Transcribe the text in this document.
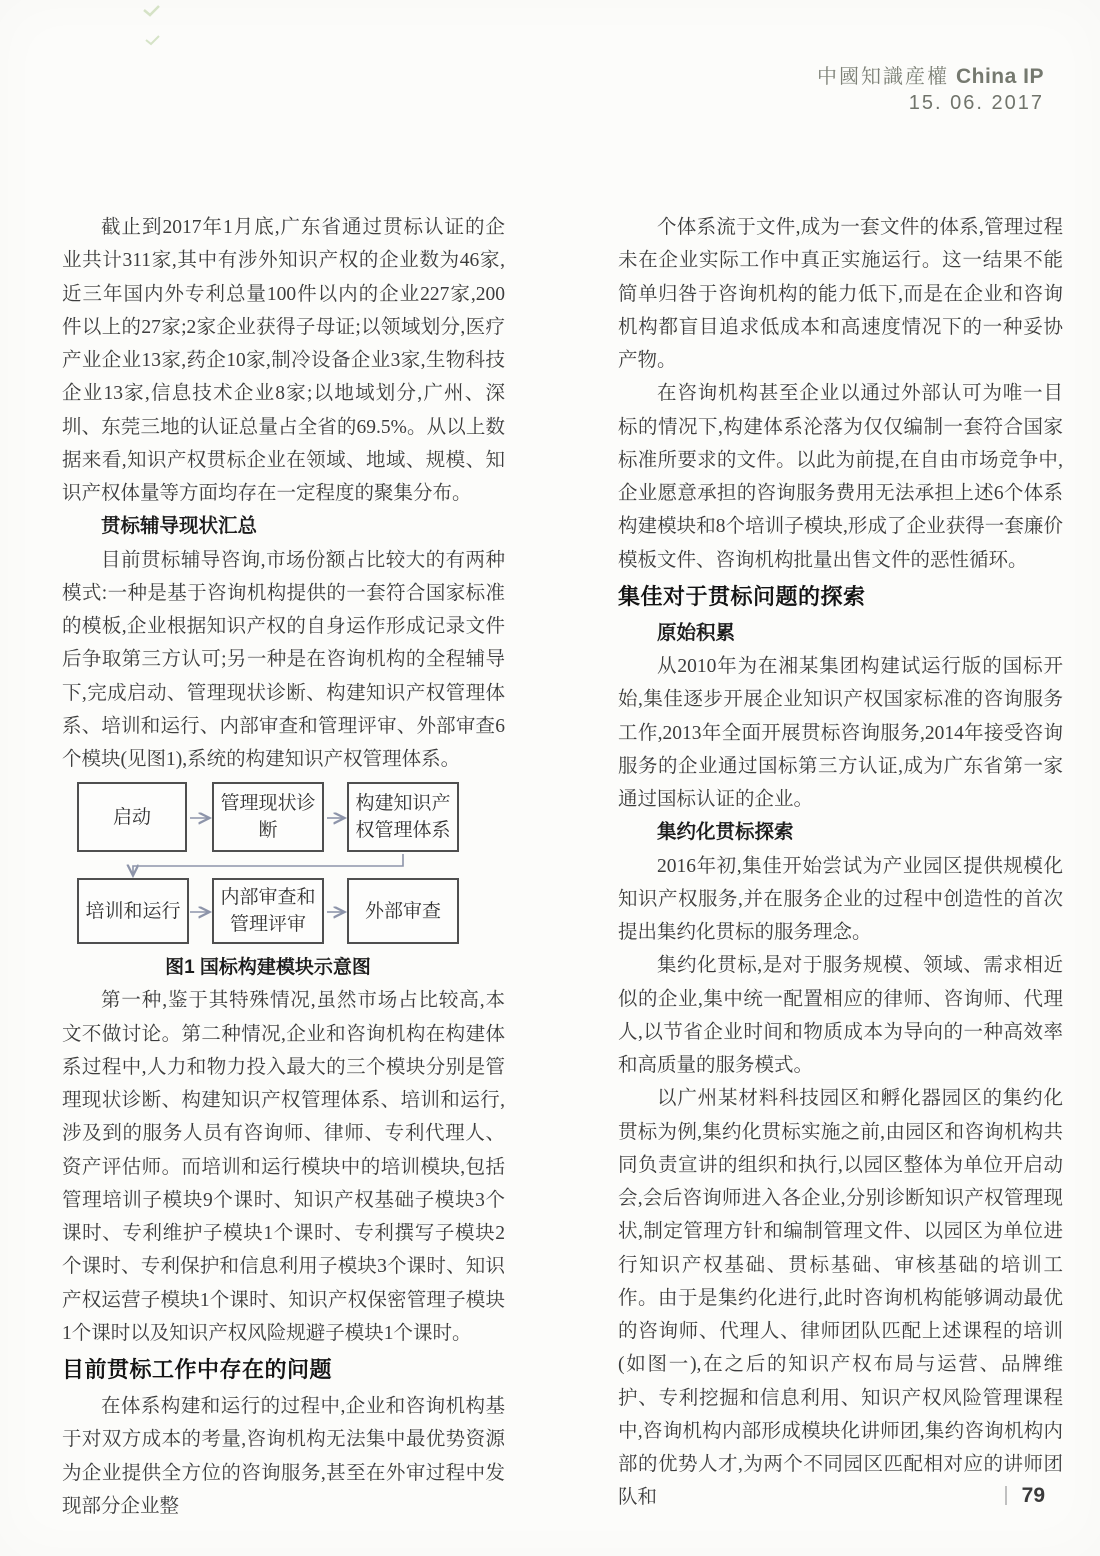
中國知識産權 China IP
15. 06. 2017

截止到2017年1月底,广东省通过贯标认证的企业共计311家,其中有涉外知识产权的企业数为46家,近三年国内外专利总量100件以内的企业227家,200件以上的27家;2家企业获得子母证;以领域划分,医疗产业企业13家,药企10家,制冷设备企业3家,生物科技企业13家,信息技术企业8家;以地域划分,广州、深圳、东莞三地的认证总量占全省的69.5%。从以上数据来看,知识产权贯标企业在领域、地域、规模、知识产权体量等方面均存在一定程度的聚集分布。

贯标辅导现状汇总

目前贯标辅导咨询,市场份额占比较大的有两种模式:一种是基于咨询机构提供的一套符合国家标准的模板,企业根据知识产权的自身运作形成记录文件后争取第三方认可;另一种是在咨询机构的全程辅导下,完成启动、管理现状诊断、构建知识产权管理体系、培训和运行、内部审查和管理评审、外部审查6个模块(见图1),系统的构建知识产权管理体系。

启动
管理现状诊断
构建知识产权管理体系
培训和运行
内部审查和管理评审
外部审查
图1 国标构建模块示意图

第一种,鉴于其特殊情况,虽然市场占比较高,本文不做讨论。第二种情况,企业和咨询机构在构建体系过程中,人力和物力投入最大的三个模块分别是管理现状诊断、构建知识产权管理体系、培训和运行,涉及到的服务人员有咨询师、律师、专利代理人、资产评估师。而培训和运行模块中的培训模块,包括管理培训子模块9个课时、知识产权基础子模块3个课时、专利维护子模块1个课时、专利撰写子模块2个课时、专利保护和信息利用子模块3个课时、知识产权运营子模块1个课时、知识产权保密管理子模块1个课时以及知识产权风险规避子模块1个课时。

目前贯标工作中存在的问题

在体系构建和运行的过程中,企业和咨询机构基于对双方成本的考量,咨询机构无法集中最优势资源为企业提供全方位的咨询服务,甚至在外审过程中发现部分企业整

个体系流于文件,成为一套文件的体系,管理过程未在企业实际工作中真正实施运行。这一结果不能简单归咎于咨询机构的能力低下,而是在企业和咨询机构都盲目追求低成本和高速度情况下的一种妥协产物。

在咨询机构甚至企业以通过外部认可为唯一目标的情况下,构建体系沦落为仅仅编制一套符合国家标准所要求的文件。以此为前提,在自由市场竞争中,企业愿意承担的咨询服务费用无法承担上述6个体系构建模块和8个培训子模块,形成了企业获得一套廉价模板文件、咨询机构批量出售文件的恶性循环。

集佳对于贯标问题的探索
原始积累

从2010年为在湘某集团构建试运行版的国标开始,集佳逐步开展企业知识产权国家标准的咨询服务工作,2013年全面开展贯标咨询服务,2014年接受咨询服务的企业通过国标第三方认证,成为广东省第一家通过国标认证的企业。

集约化贯标探索

2016年初,集佳开始尝试为产业园区提供规模化知识产权服务,并在服务企业的过程中创造性的首次提出集约化贯标的服务理念。

集约化贯标,是对于服务规模、领域、需求相近似的企业,集中统一配置相应的律师、咨询师、代理人,以节省企业时间和物质成本为导向的一种高效率和高质量的服务模式。

以广州某材料科技园区和孵化器园区的集约化贯标为例,集约化贯标实施之前,由园区和咨询机构共同负责宣讲的组织和执行,以园区整体为单位开启动会,会后咨询师进入各企业,分别诊断知识产权管理现状,制定管理方针和编制管理文件、以园区为单位进行知识产权基础、贯标基础、审核基础的培训工作。由于是集约化进行,此时咨询机构能够调动最优的咨询师、代理人、律师团队匹配上述课程的培训(如图一),在之后的知识产权布局与运营、品牌维护、专利挖掘和信息利用、知识产权风险管理课程中,咨询机构内部形成模块化讲师团,集约咨询机构内部的优势人才,为两个不同园区匹配相对应的讲师团队和	79
